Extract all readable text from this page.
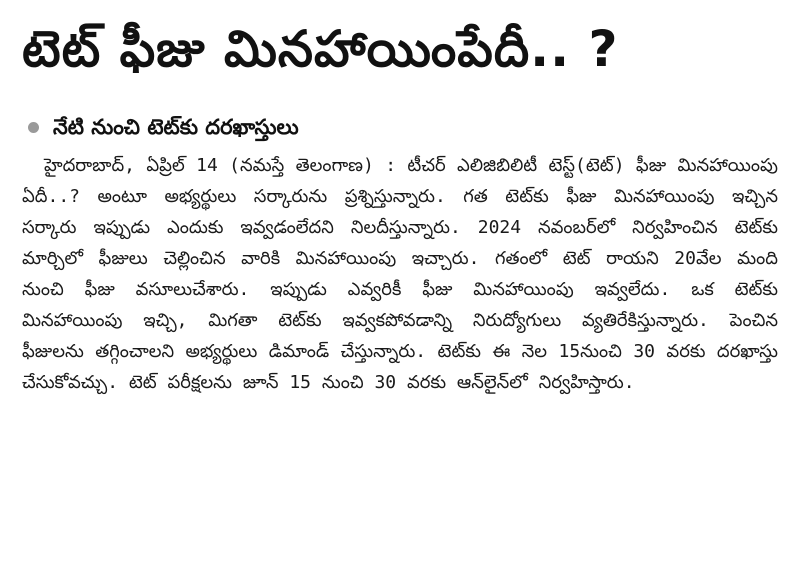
టెట్ ఫీజు మినహాయింపేదీ.. ?
నేటి నుంచి టెట్‌కు దరఖాస్తులు
హైదరాబాద్, ఏప్రిల్ 14 (నమస్తే తెలంగాణ) : టీచర్ ఎలిజిబిలిటీ టెస్ట్(టెట్) ఫీజు మినహాయింపు ఏదీ..? అంటూ అభ్యర్థులు సర్కారును ప్రశ్నిస్తున్నారు. గత టెట్‌కు ఫీజు మినహాయింపు ఇచ్చిన సర్కారు ఇప్పుడు ఎందుకు ఇవ్వడంలేదని నిలదీస్తున్నారు. 2024 నవంబర్‌లో నిర్వహించిన టెట్‌కు మార్చిలో ఫీజులు చెల్లించిన వారికి మినహాయింపు ఇచ్చారు. గతంలో టెట్ రాయని 20వేల మంది నుంచి ఫీజు వసూలుచేశారు. ఇప్పుడు ఎవ్వరికీ ఫీజు మినహాయింపు ఇవ్వలేదు. ఒక టెట్‌కు మినహాయింపు ఇచ్చి, మిగతా టెట్‌కు ఇవ్వకపోవడాన్ని నిరుద్యోగులు వ్యతిరేకిస్తున్నారు. పెంచిన ఫీజులను తగ్గించాలని అభ్యర్థులు డిమాండ్ చేస్తున్నారు. టెట్‌కు ఈ నెల 15నుంచి 30 వరకు దరఖాస్తు చేసుకోవచ్చు. టెట్ పరీక్షలను జూన్ 15 నుంచి 30 వరకు ఆన్‌లైన్‌లో నిర్వహిస్తారు.
